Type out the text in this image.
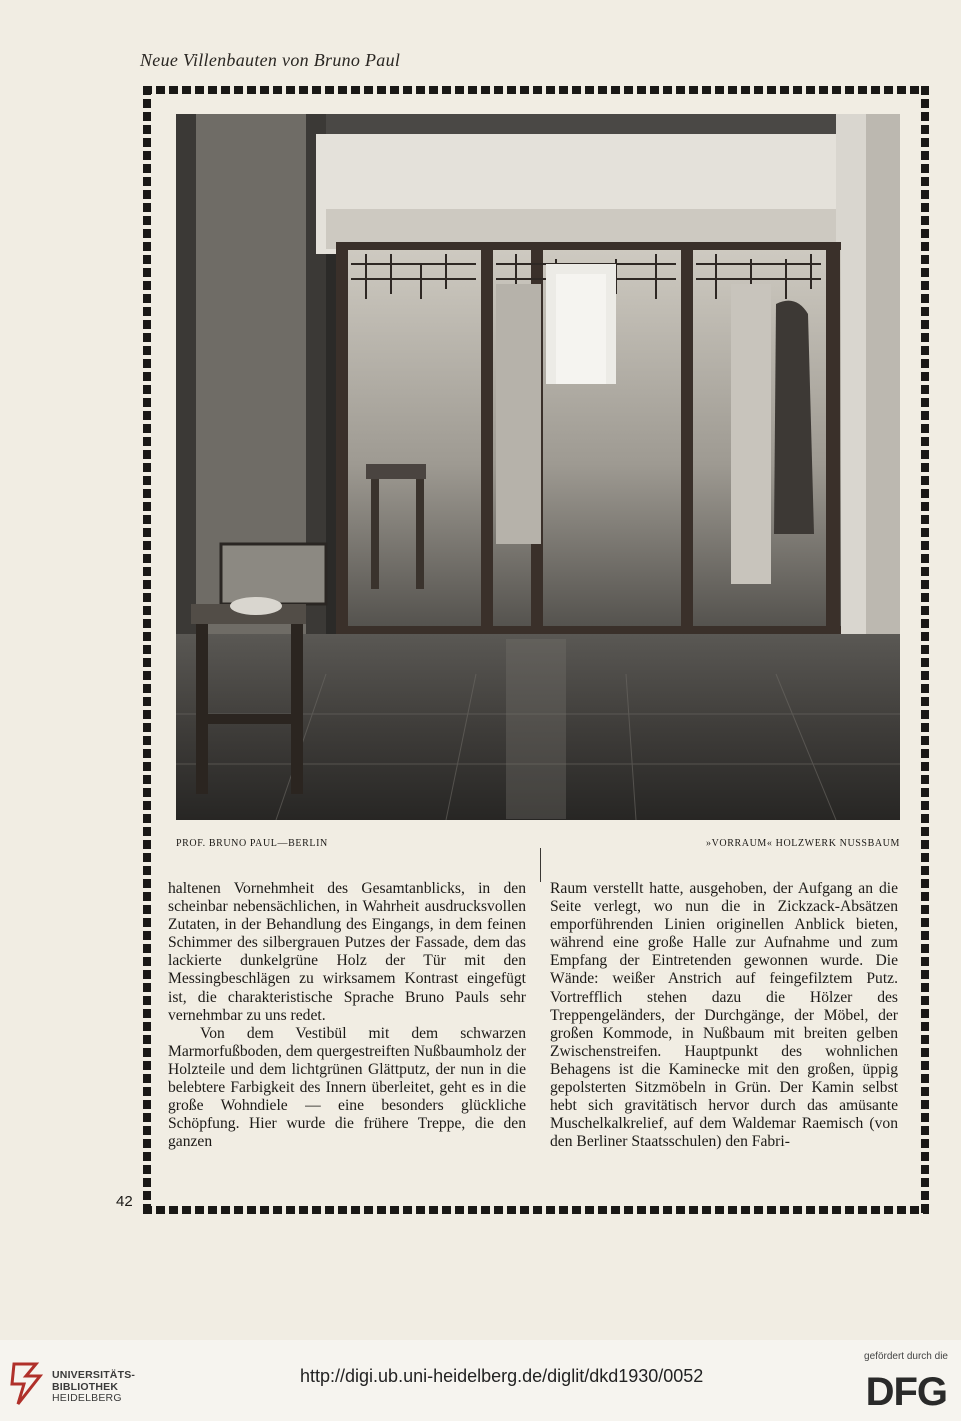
Neue Villenbauten von Bruno Paul
42
PROF. BRUNO PAUL—BERLIN	»VORRAUM« HOLZWERK NUSSBAUM

haltenen Vornehmheit des Gesamtanblicks, in den scheinbar nebensächlichen, in Wahrheit ausdrucksvollen Zutaten, in der Behandlung des Eingangs, in dem feinen Schimmer des silbergrauen Putzes der Fassade, dem das lackierte dunkelgrüne Holz der Tür mit den Messingbeschlägen zu wirksamem Kontrast eingefügt ist, die charakteristische Sprache Bruno Pauls sehr vernehmbar zu uns redet.

Von dem Vestibül mit dem schwarzen Marmorfußboden, dem quergestreiften Nußbaumholz der Holzteile und dem lichtgrünen Glättputz, der nun in die belebtere Farbigkeit des Innern überleitet, geht es in die große Wohndiele — eine besonders glückliche Schöpfung. Hier wurde die frühere Treppe, die den ganzen

Raum verstellt hatte, ausgehoben, der Aufgang an die Seite verlegt, wo nun die in Zickzack-Absätzen emporführenden Linien originellen Anblick bieten, während eine große Halle zur Aufnahme und zum Empfang der Eintretenden gewonnen wurde. Die Wände: weißer Anstrich auf feingefilztem Putz. Vortrefflich stehen dazu die Hölzer des Treppengeländers, der Durchgänge, der Möbel, der großen Kommode, in Nußbaum mit breiten gelben Zwischenstreifen. Hauptpunkt des wohnlichen Behagens ist die Kaminecke mit den großen, üppig gepolsterten Sitzmöbeln in Grün. Der Kamin selbst hebt sich gravitätisch hervor durch das amüsante Muschelkalkrelief, auf dem Waldemar Raemisch (von den Berliner Staatsschulen) den Fabri-

UNIVERSITÄTS-
BIBLIOTHEK
HEIDELBERG
http://digi.ub.uni-heidelberg.de/diglit/dkd1930/0052
gefördert durch die
DFG
